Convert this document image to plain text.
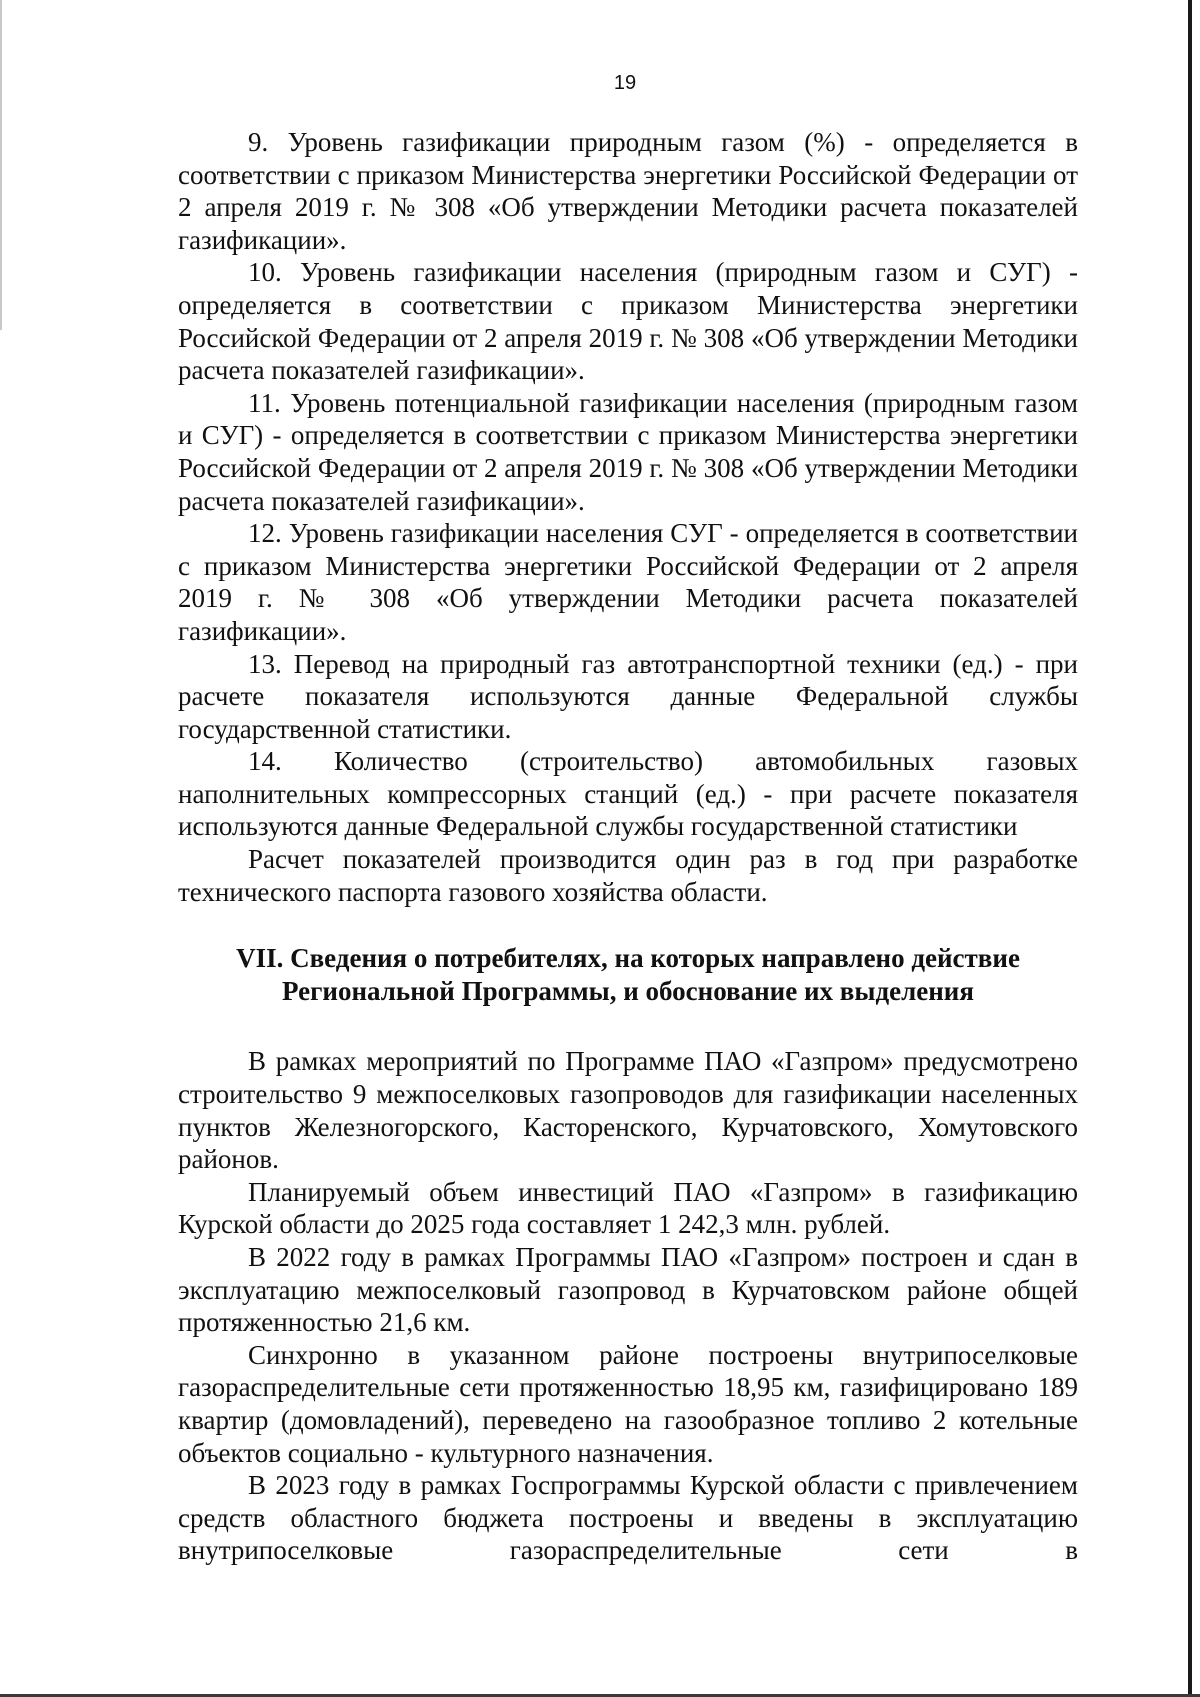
19

9. Уровень газификации природным газом (%) - определяется в соответствии с приказом Министерства энергетики Российской Федерации от 2 апреля 2019 г. № 308 «Об утверждении Методики расчета показателей газификации».

10. Уровень газификации населения (природным газом и СУГ) - определяется в соответствии с приказом Министерства энергетики Российской Федерации от 2 апреля 2019 г. № 308 «Об утверждении Методики расчета показателей газификации».

11. Уровень потенциальной газификации населения (природным газом и СУГ) - определяется в соответствии с приказом Министерства энергетики Российской Федерации от 2 апреля 2019 г. № 308 «Об утверждении Методики расчета показателей газификации».

12. Уровень газификации населения СУГ - определяется в соответствии с приказом Министерства энергетики Российской Федерации от 2 апреля 2019 г. № 308 «Об утверждении Методики расчета показателей газификации».

13. Перевод на природный газ автотранспортной техники (ед.) - при расчете показателя используются данные Федеральной службы государственной статистики.

14. Количество (строительство) автомобильных газовых наполнительных компрессорных станций (ед.) - при расчете показателя используются данные Федеральной службы государственной статистики

Расчет показателей производится один раз в год при разработке технического паспорта газового хозяйства области.

VII. Сведения о потребителях, на которых направлено действие
Региональной Программы, и обоснование их выделения

В рамках мероприятий по Программе ПАО «Газпром» предусмотрено строительство 9 межпоселковых газопроводов для газификации населенных пунктов Железногорского, Касторенского, Курчатовского, Хомутовского районов.

Планируемый объем инвестиций ПАО «Газпром» в газификацию Курской области до 2025 года составляет 1 242,3 млн. рублей.

В 2022 году в рамках Программы ПАО «Газпром» построен и сдан в эксплуатацию межпоселковый газопровод в Курчатовском районе общей протяженностью 21,6 км.

Синхронно в указанном районе построены внутрипоселковые газораспределительные сети протяженностью 18,95 км, газифицировано 189 квартир (домовладений), переведено на газообразное топливо 2 котельные объектов социально - культурного назначения.

В 2023 году в рамках Госпрограммы Курской области с привлечением средств областного бюджета построены и введены в эксплуатацию внутрипоселковые газораспределительные сети в
